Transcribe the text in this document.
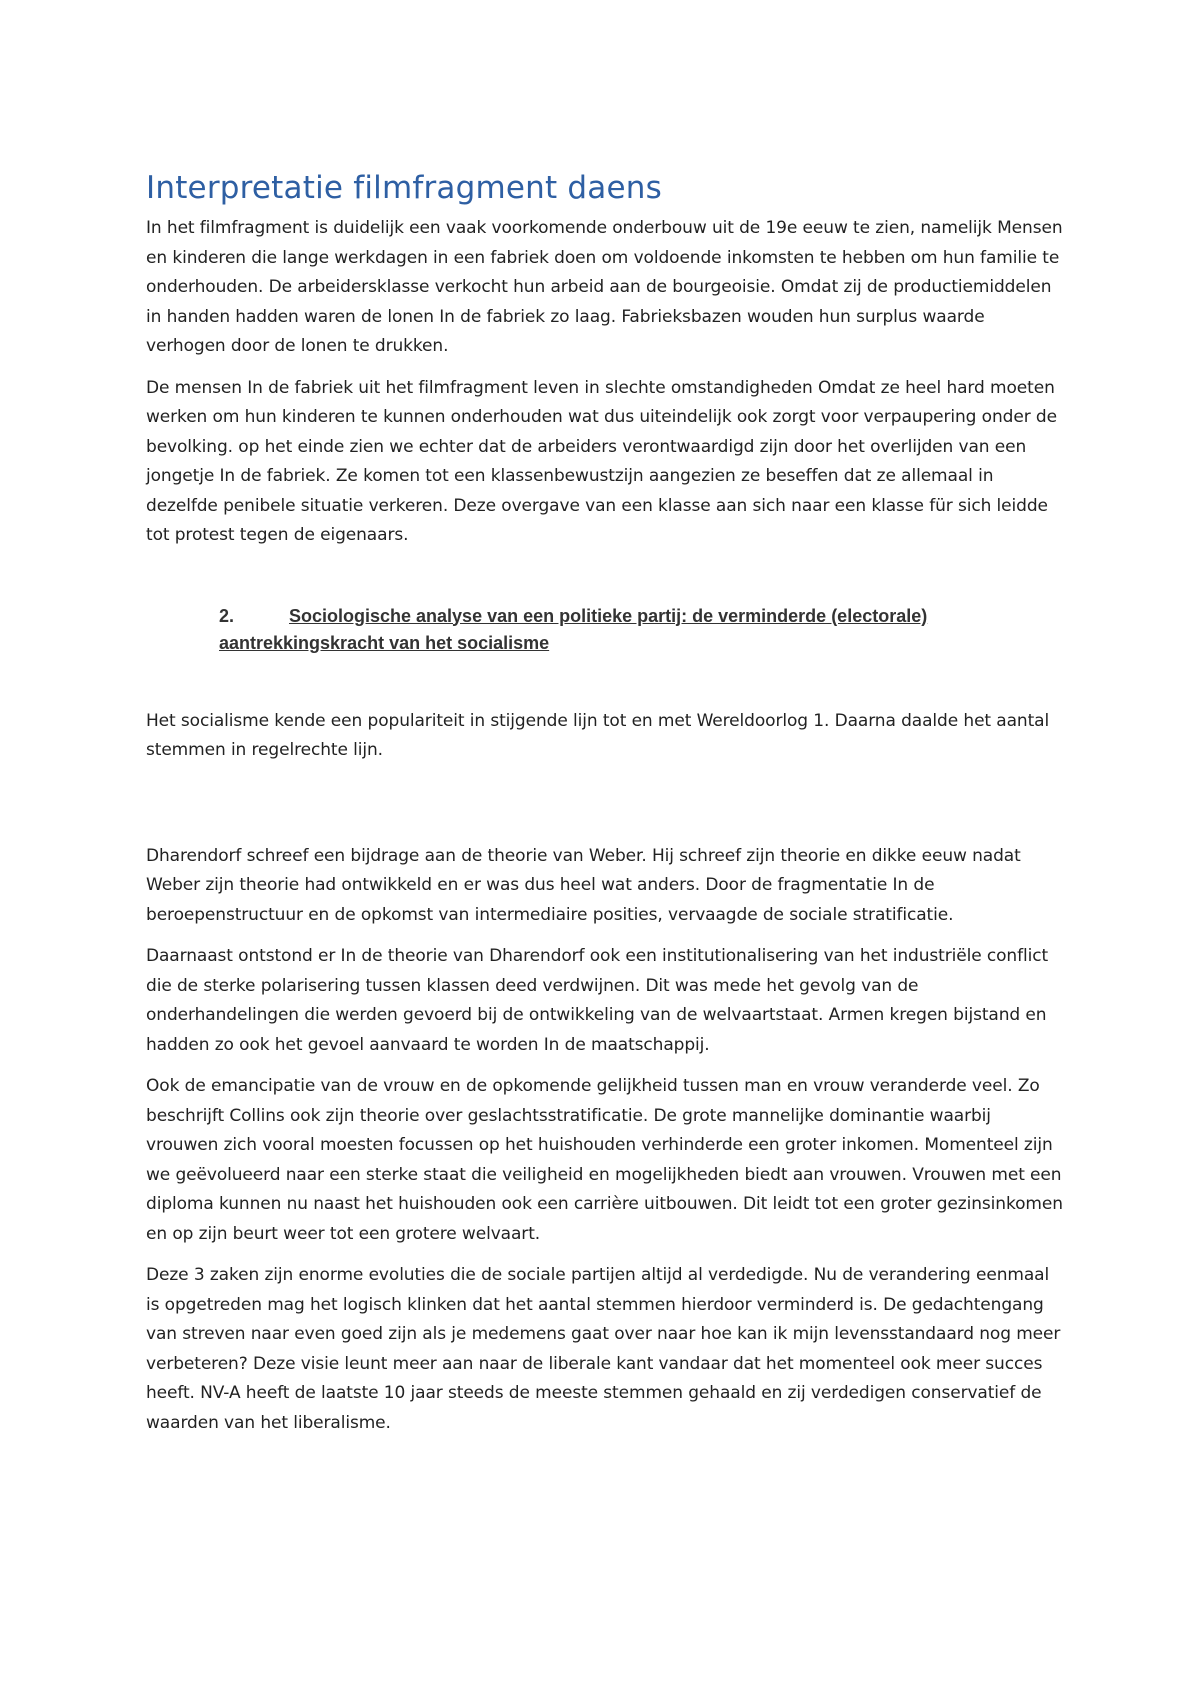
Interpretatie filmfragment daens

In het filmfragment is duidelijk een vaak voorkomende onderbouw uit de 19e eeuw te zien, namelijk Mensen en kinderen die lange werkdagen in een fabriek doen om voldoende inkomsten te hebben om hun familie te onderhouden. De arbeidersklasse verkocht hun arbeid aan de bourgeoisie. Omdat zij de productiemiddelen in handen hadden waren de lonen In de fabriek zo laag. Fabrieksbazen wouden hun surplus waarde verhogen door de lonen te drukken.

De mensen In de fabriek uit het filmfragment leven in slechte omstandigheden Omdat ze heel hard moeten werken om hun kinderen te kunnen onderhouden wat dus uiteindelijk ook zorgt voor verpaupering onder de bevolking. op het einde zien we echter dat de arbeiders verontwaardigd zijn door het overlijden van een jongetje In de fabriek. Ze komen tot een klassenbewustzijn aangezien ze beseffen dat ze allemaal in dezelfde penibele situatie verkeren. Deze overgave van een klasse aan sich naar een klasse für sich leidde tot protest tegen de eigenaars.

2.	Sociologische analyse van een politieke partij: de verminderde (electorale) aantrekkingskracht van het socialisme

Het socialisme kende een populariteit in stijgende lijn tot en met Wereldoorlog 1. Daarna daalde het aantal stemmen in regelrechte lijn.

Dharendorf schreef een bijdrage aan de theorie van Weber. Hij schreef zijn theorie en dikke eeuw nadat Weber zijn theorie had ontwikkeld en er was dus heel wat anders. Door de fragmentatie In de beroepenstructuur en de opkomst van intermediaire posities, vervaagde de sociale stratificatie.

Daarnaast ontstond er In de theorie van Dharendorf ook een institutionalisering van het industriële conflict die de sterke polarisering tussen klassen deed verdwijnen. Dit was mede het gevolg van de onderhandelingen die werden gevoerd bij de ontwikkeling van de welvaartstaat. Armen kregen bijstand en hadden zo ook het gevoel aanvaard te worden In de maatschappij.

Ook de emancipatie van de vrouw en de opkomende gelijkheid tussen man en vrouw veranderde veel. Zo beschrijft Collins ook zijn theorie over geslachtsstratificatie. De grote mannelijke dominantie waarbij vrouwen zich vooral moesten focussen op het huishouden verhinderde een groter inkomen. Momenteel zijn we geëvolueerd naar een sterke staat die veiligheid en mogelijkheden biedt aan vrouwen. Vrouwen met een diploma kunnen nu naast het huishouden ook een carrière uitbouwen. Dit leidt tot een groter gezinsinkomen en op zijn beurt weer tot een grotere welvaart.

Deze 3 zaken zijn enorme evoluties die de sociale partijen altijd al verdedigde. Nu de verandering eenmaal is opgetreden mag het logisch klinken dat het aantal stemmen hierdoor verminderd is. De gedachtengang van streven naar even goed zijn als je medemens gaat over naar hoe kan ik mijn levensstandaard nog meer verbeteren? Deze visie leunt meer aan naar de liberale kant vandaar dat het momenteel ook meer succes heeft. NV-A heeft de laatste 10 jaar steeds de meeste stemmen gehaald en zij verdedigen conservatief de waarden van het liberalisme.
